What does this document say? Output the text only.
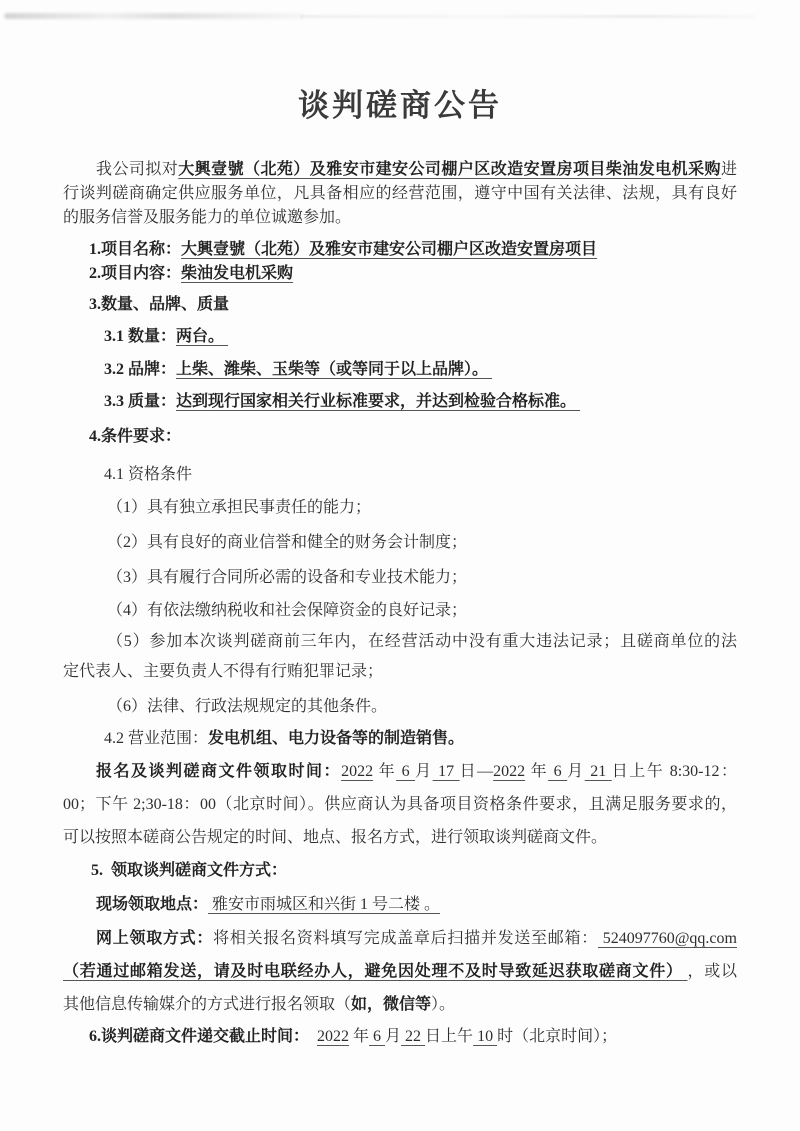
谈判磋商公告
我公司拟对大興壹號（北苑）及雅安市建安公司棚户区改造安置房项目柴油发电机采购进
行谈判磋商确定供应服务单位，凡具备相应的经营范围，遵守中国有关法律、法规，具有良好
的服务信誉及服务能力的单位诚邀参加。
1.项目名称：大興壹號（北苑）及雅安市建安公司棚户区改造安置房项目
2.项目内容：柴油发电机采购
3.数量、品牌、质量
3.1 数量：两台。
3.2 品牌：上柴、潍柴、玉柴等（或等同于以上品牌）。
3.3 质量：达到现行国家相关行业标准要求，并达到检验合格标准。
4.条件要求：
4.1 资格条件
（1）具有独立承担民事责任的能力；
（2）具有良好的商业信誉和健全的财务会计制度；
（3）具有履行合同所必需的设备和专业技术能力；
（4）有依法缴纳税收和社会保障资金的良好记录；
（5）参加本次谈判磋商前三年内，在经营活动中没有重大违法记录；且磋商单位的法
定代表人、主要负责人不得有行贿犯罪记录；
（6）法律、行政法规规定的其他条件。
4.2 营业范围：发电机组、电力设备等的制造销售。
报名及谈判磋商文件领取时间：2022 年 6 月 17 日—2022 年 6 月 21 日上午 8:30-12：
00；下午 2;30-18：00（北京时间）。供应商认为具备项目资格条件要求，且满足服务要求的，
可以按照本磋商公告规定的时间、地点、报名方式，进行领取谈判磋商文件。
5.  领取谈判磋商文件方式：
现场领取地点： 雅安市雨城区和兴街 1 号二楼 。
网上领取方式：将相关报名资料填写完成盖章后扫描并发送至邮箱： 524097760@qq.com
（若通过邮箱发送，请及时电联经办人，避免因处理不及时导致延迟获取磋商文件） ，或以
其他信息传输媒介的方式进行报名领取（如，微信等）。
6.谈判磋商文件递交截止时间： 2022 年 6 月 22 日上午 10 时（北京时间）；
